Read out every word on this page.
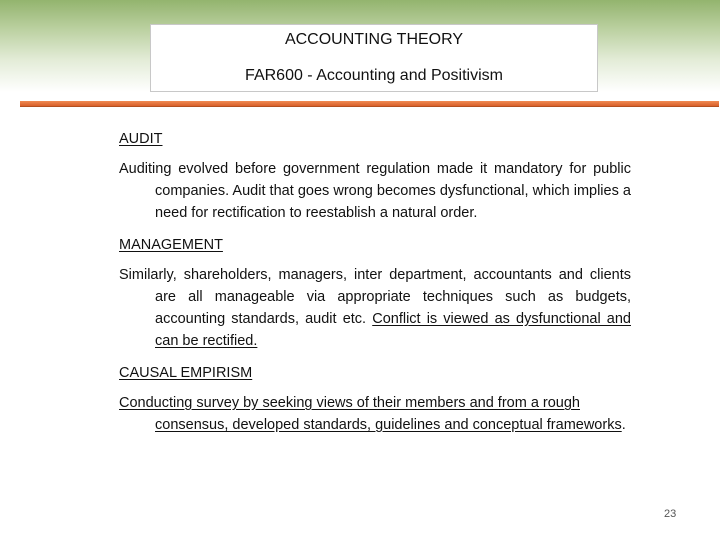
ACCOUNTING THEORY
FAR600 - Accounting and Positivism
AUDIT
Auditing evolved before government regulation made it mandatory for public companies. Audit that goes wrong becomes dysfunctional, which implies a need for rectification to reestablish a natural order.
MANAGEMENT
Similarly, shareholders, managers, inter department, accountants and clients are all manageable via appropriate techniques such as budgets, accounting standards, audit etc. Conflict is viewed as dysfunctional and can be rectified.
CAUSAL EMPIRISM
Conducting survey by seeking views of their members and from a rough consensus, developed standards, guidelines and conceptual frameworks.
23
